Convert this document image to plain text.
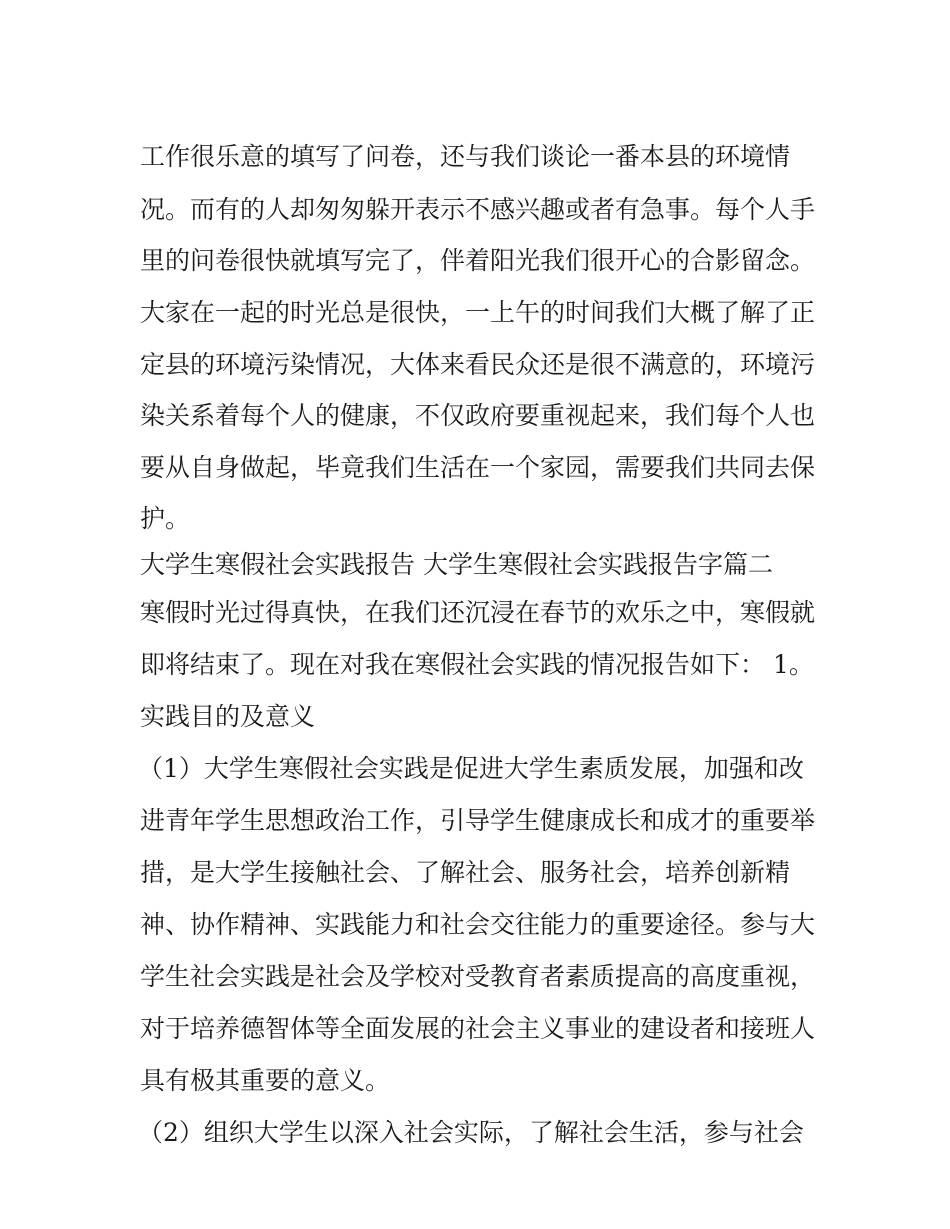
工作很乐意的填写了问卷，还与我们谈论一番本县的环境情
况。而有的人却匆匆躲开表示不感兴趣或者有急事。每个人手
里的问卷很快就填写完了，伴着阳光我们很开心的合影留念。
大家在一起的时光总是很快，一上午的时间我们大概了解了正
定县的环境污染情况，大体来看民众还是很不满意的，环境污
染关系着每个人的健康，不仅政府要重视起来，我们每个人也
要从自身做起，毕竟我们生活在一个家园，需要我们共同去保
护。
大学生寒假社会实践报告 大学生寒假社会实践报告字篇二
寒假时光过得真快，在我们还沉浸在春节的欢乐之中，寒假就
即将结束了。现在对我在寒假社会实践的情况报告如下： 1。
实践目的及意义
（1）大学生寒假社会实践是促进大学生素质发展，加强和改
进青年学生思想政治工作，引导学生健康成长和成才的重要举
措，是大学生接触社会、了解社会、服务社会，培养创新精
神、协作精神、实践能力和社会交往能力的重要途径。参与大
学生社会实践是社会及学校对受教育者素质提高的高度重视，
对于培养德智体等全面发展的社会主义事业的建设者和接班人
具有极其重要的意义。
（2）组织大学生以深入社会实际，了解社会生活，参与社会
